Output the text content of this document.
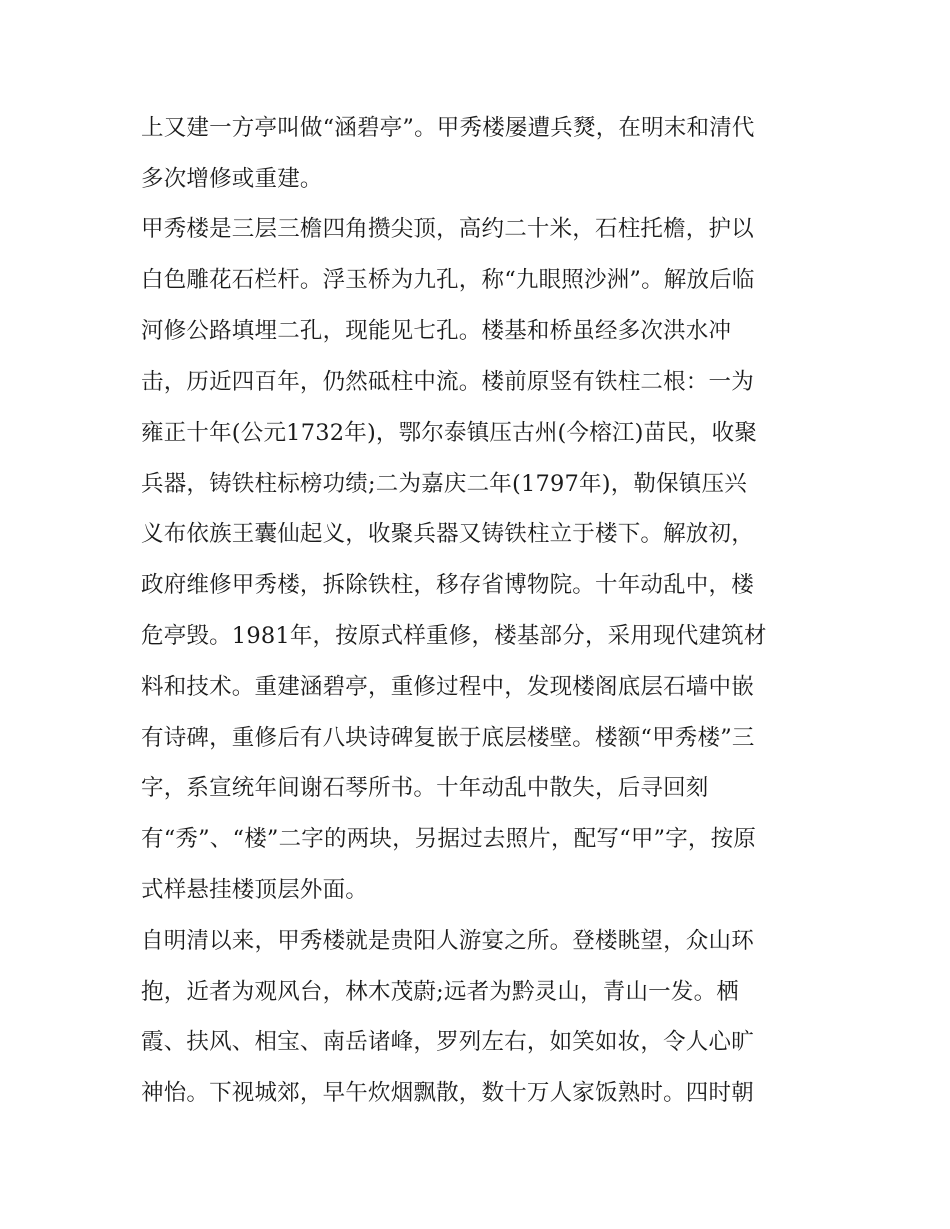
上又建一方亭叫做“涵碧亭”。甲秀楼屡遭兵燹，在明末和清代

多次增修或重建。

甲秀楼是三层三檐四角攒尖顶，高约二十米，石柱托檐，护以

白色雕花石栏杆。浮玉桥为九孔，称“九眼照沙洲”。解放后临

河修公路填埋二孔，现能见七孔。楼基和桥虽经多次洪水冲

击，历近四百年，仍然砥柱中流。楼前原竖有铁柱二根：一为

雍正十年(公元1732年)，鄂尔泰镇压古州(今榕江)苗民，收聚

兵器，铸铁柱标榜功绩;二为嘉庆二年(1797年)，勒保镇压兴

义布依族王囊仙起义，收聚兵器又铸铁柱立于楼下。解放初，

政府维修甲秀楼，拆除铁柱，移存省博物院。十年动乱中，楼

危亭毁。1981年，按原式样重修，楼基部分，采用现代建筑材

料和技术。重建涵碧亭，重修过程中，发现楼阁底层石墙中嵌

有诗碑，重修后有八块诗碑复嵌于底层楼壁。楼额“甲秀楼”三

字，系宣统年间谢石琴所书。十年动乱中散失，后寻回刻

有“秀”、“楼”二字的两块，另据过去照片，配写“甲”字，按原

式样悬挂楼顶层外面。

自明清以来，甲秀楼就是贵阳人游宴之所。登楼眺望，众山环

抱，近者为观风台，林木茂蔚;远者为黔灵山，青山一发。栖

霞、扶风、相宝、南岳诸峰，罗列左右，如笑如妆，令人心旷

神怡。下视城郊，早午炊烟飘散，数十万人家饭熟时。四时朝
